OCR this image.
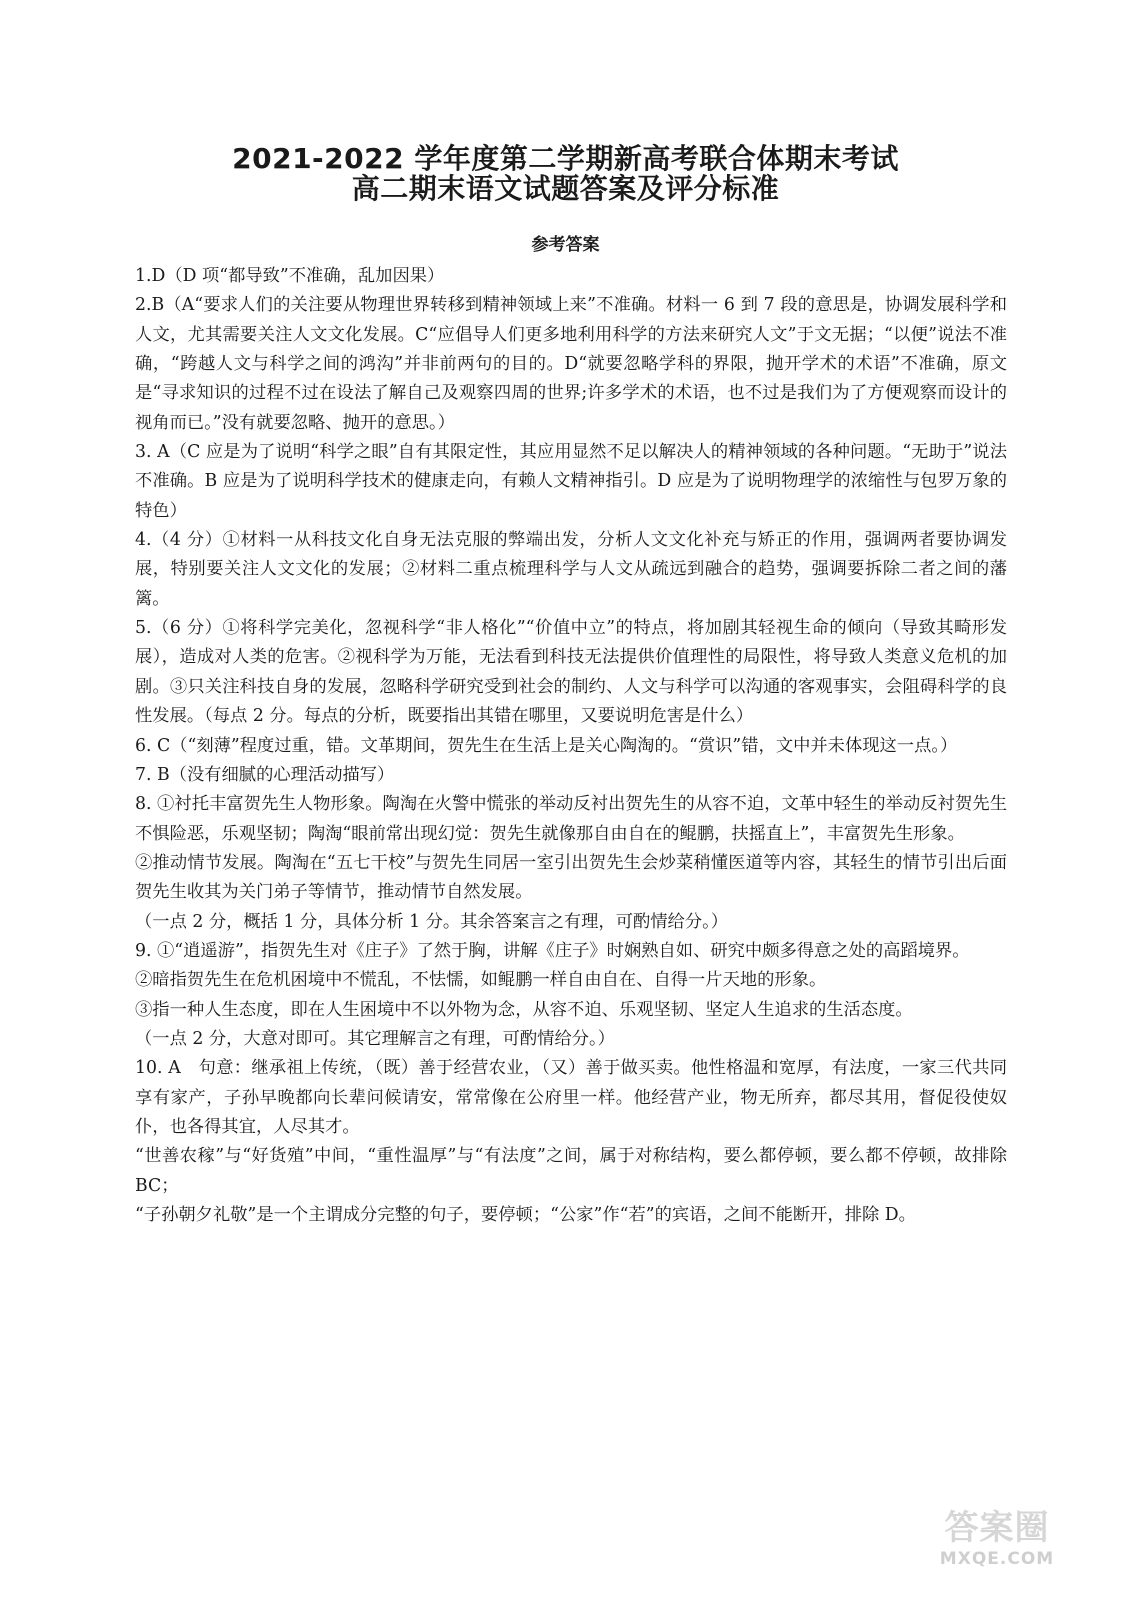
2021-2022 学年度第二学期新高考联合体期末考试
高二期末语文试题答案及评分标准
参考答案

1.D（D 项“都导致”不准确，乱加因果）

2.B（A“要求人们的关注要从物理世界转移到精神领域上来”不准确。材料一 6 到 7 段的意思是，协调发展科学和人文，尤其需要关注人文文化发展。C“应倡导人们更多地利用科学的方法来研究人文”于文无据；“以便”说法不准确，“跨越人文与科学之间的鸿沟”并非前两句的目的。D“就要忽略学科的界限，抛开学术的术语”不准确，原文是“寻求知识的过程不过在设法了解自己及观察四周的世界;许多学术的术语，也不过是我们为了方便观察而设计的视角而已。”没有就要忽略、抛开的意思。）

3. A（C 应是为了说明“科学之眼”自有其限定性，其应用显然不足以解决人的精神领域的各种问题。“无助于”说法不准确。B 应是为了说明科学技术的健康走向，有赖人文精神指引。D 应是为了说明物理学的浓缩性与包罗万象的特色）

4.（4 分）①材料一从科技文化自身无法克服的弊端出发，分析人文文化补充与矫正的作用，强调两者要协调发展，特别要关注人文文化的发展；②材料二重点梳理科学与人文从疏远到融合的趋势，强调要拆除二者之间的藩篱。

5.（6 分）①将科学完美化，忽视科学“非人格化”“价值中立”的特点，将加剧其轻视生命的倾向（导致其畸形发展），造成对人类的危害。②视科学为万能，无法看到科技无法提供价值理性的局限性，将导致人类意义危机的加剧。③只关注科技自身的发展，忽略科学研究受到社会的制约、人文与科学可以沟通的客观事实，会阻碍科学的良性发展。（每点 2 分。每点的分析，既要指出其错在哪里，又要说明危害是什么）

6. C（“刻薄”程度过重，错。文革期间，贺先生在生活上是关心陶淘的。“赏识”错，文中并未体现这一点。）

7. B（没有细腻的心理活动描写）

8. ①衬托丰富贺先生人物形象。陶淘在火警中慌张的举动反衬出贺先生的从容不迫，文革中轻生的举动反衬贺先生不惧险恶，乐观坚韧；陶淘“眼前常出现幻觉：贺先生就像那自由自在的鲲鹏，扶摇直上”，丰富贺先生形象。

②推动情节发展。陶淘在“五七干校”与贺先生同居一室引出贺先生会炒菜稍懂医道等内容，其轻生的情节引出后面贺先生收其为关门弟子等情节，推动情节自然发展。

（一点 2 分，概括 1 分，具体分析 1 分。其余答案言之有理，可酌情给分。）

9. ①“逍遥游”，指贺先生对《庄子》了然于胸，讲解《庄子》时娴熟自如、研究中颇多得意之处的高蹈境界。

②暗指贺先生在危机困境中不慌乱，不怯懦，如鲲鹏一样自由自在、自得一片天地的形象。

③指一种人生态度，即在人生困境中不以外物为念，从容不迫、乐观坚韧、坚定人生追求的生活态度。

（一点 2 分，大意对即可。其它理解言之有理，可酌情给分。）

10. A　句意：继承祖上传统，（既）善于经营农业，（又）善于做买卖。他性格温和宽厚，有法度，一家三代共同享有家产，子孙早晚都向长辈问候请安，常常像在公府里一样。他经营产业，物无所弃，都尽其用，督促役使奴仆，也各得其宜，人尽其才。

“世善农稼”与“好货殖”中间，“重性温厚”与“有法度”之间，属于对称结构，要么都停顿，要么都不停顿，故排除 BC；

“子孙朝夕礼敬”是一个主谓成分完整的句子，要停顿；“公家”作“若”的宾语，之间不能断开，排除 D。

答案圈
MXQE.COM
